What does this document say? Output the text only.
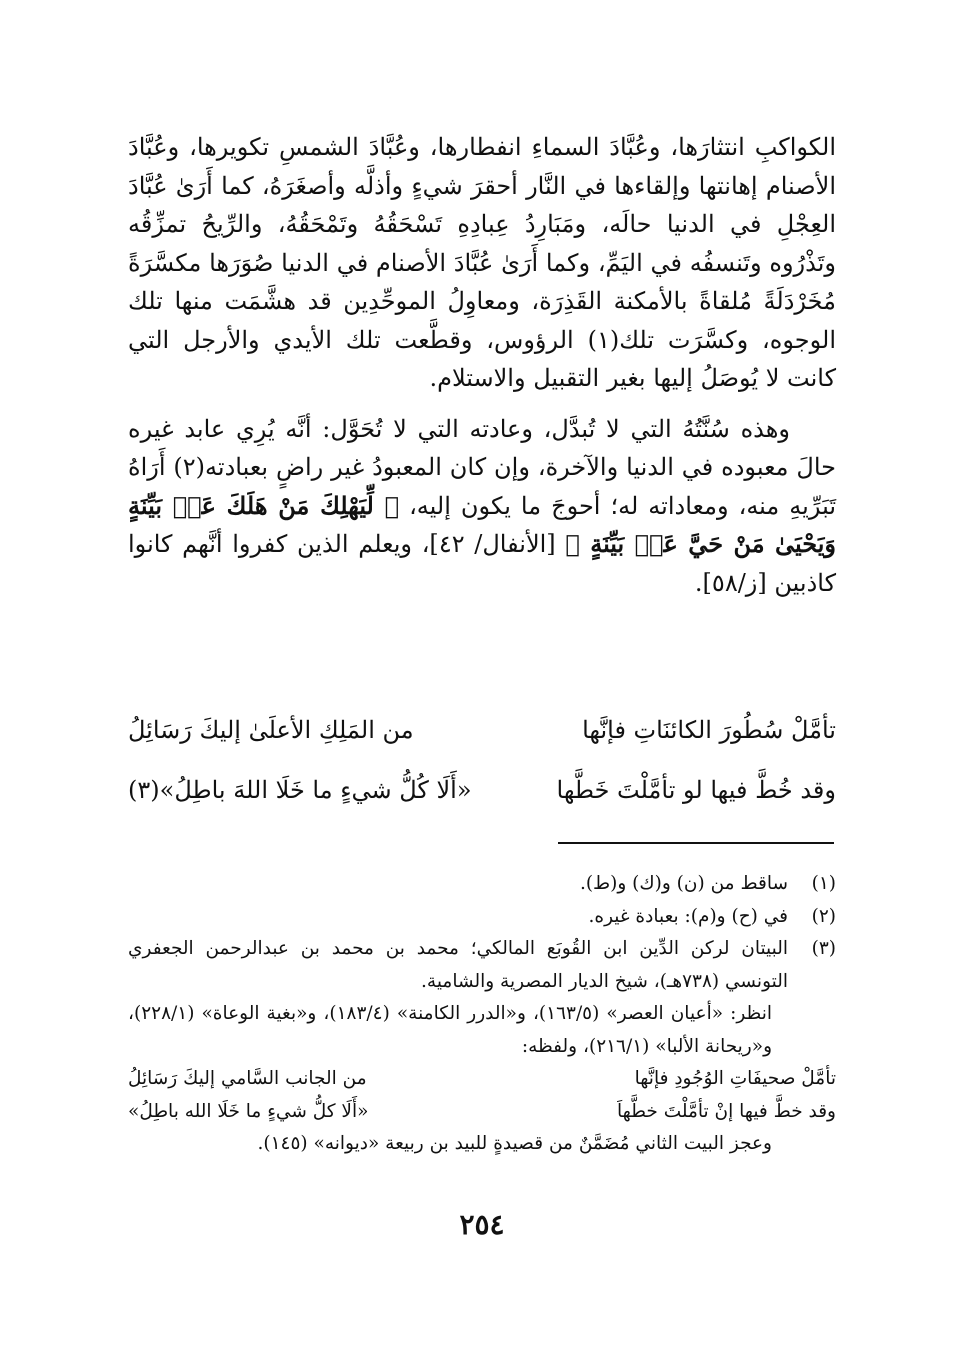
الكواكبِ انتثارَها، وعُبَّادَ السماءِ انفطارها، وعُبَّادَ الشمسِ تكويرها، وعُبَّادَ الأصنام إهانتها وإلقاءها في النَّار أحقرَ شيءٍ وأذلَّه وأصغَرَهُ، كما أَرَىٰ عُبَّادَ العِجْلِ في الدنيا حالَه، ومَبَارِدُ عِبادِهِ تَسْحَقُهُ وتَمْحَقُهُ، والرِّيحُ تمزِّقُه وتَذْرُوه وتَنسفُه في اليَمِّ، وكما أَرَىٰ عُبَّادَ الأصنام في الدنيا صُوَرَها مكسَّرَةً مُخَرْدَلَةً مُلقاةً بالأمكنة القَذِرَة، ومعاوِلُ الموحِّدِين قد هشَّمَت منها تلك الوجوه، وكسَّرَت تلك(١) الرؤوس، وقطَّعت تلك الأيدي والأرجل التي كانت لا يُوصَلُ إليها بغير التقبيل والاستلام.

وهذه سُنَّتُهُ التي لا تُبدَّل، وعادته التي لا تُحَوَّل: أنَّه يُرِي عابد غيره حالَ معبوده في الدنيا والآخرة، وإن كان المعبودُ غير راضٍ بعبادته(٢) أَرَاهُ تَبَرِّيهِ منه، ومعاداته له؛ أحوجَ ما يكون إليه، ﴿ لِّيَهْلِكَ مَنْ هَلَكَ عَنۢ بَيِّنَةٍ وَيَحْيَىٰ مَنْ حَيَّ عَنۢ بَيِّنَةٍ ﴾ [الأنفال/ ٤٢]، ويعلم الذين كفروا أنَّهم كانوا كاذبين [ز/٥٨].

تأمَّلْ سُطُورَ الكائنَاتِ فإنَّها
من المَلِكِ الأعلَىٰ إليكَ رَسَائِلُ
وقد خُطَّ فيها لو تأمَّلْتَ خَطَّها
«أَلَا كُلُّ شيءٍ ما خَلَا اللهَ باطِلُ»(٣)
(١)
ساقط من (ن) و(ك) و(ط).
(٢)
في (ح) و(م): بعبادة غيره.
(٣)
البيتان لركن الدِّين ابن القُوبَع المالكي؛ محمد بن محمد بن عبدالرحمن الجعفري التونسي (٧٣٨هـ)، شيخ الديار المصرية والشامية.
انظر: «أعيان العصر» (١٦٣/٥)، و«الدرر الكامنة» (١٨٣/٤)، و«بغية الوعاة» (٢٢٨/١)، و«ريحانة الألبا» (٢١٦/١)، ولفظه:
تأمَّلْ صحيفَاتِ الوُجُودِ فإنَّها
من الجانب السَّامي إليكَ رَسَائِلُ
وقد خطَّ فيها إنْ تأمَّلْتَ خطَّهاَ
«أَلَا كلُّ شيءٍ ما خَلَا الله باطِلُ»
وعجز البيت الثاني مُضَمَّنٌ من قصيدةٍ للبيد بن ربيعة «ديوانه» (١٤٥).
٢٥٤
